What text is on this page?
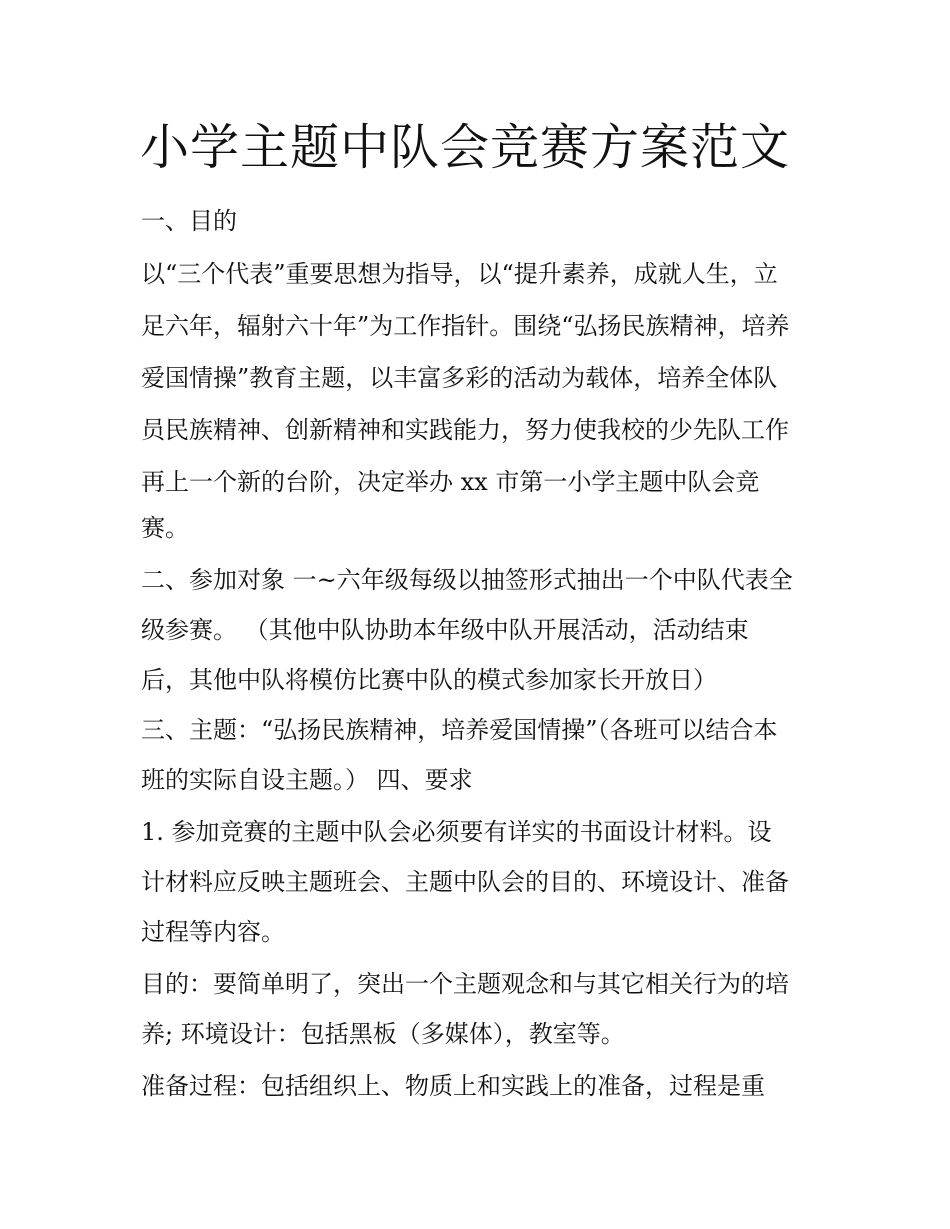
小学主题中队会竞赛方案范文
一、目的
以“三个代表”重要思想为指导，以“提升素养，成就人生，立
足六年，辐射六十年”为工作指针。围绕“弘扬民族精神，培养
爱国情操”教育主题，以丰富多彩的活动为载体，培养全体队
员民族精神、创新精神和实践能力，努力使我校的少先队工作
再上一个新的台阶，决定举办 xx 市第一小学主题中队会竞
赛。
二、参加对象 一~六年级每级以抽签形式抽出一个中队代表全
级参赛。 （其他中队协助本年级中队开展活动，活动结束
后，其他中队将模仿比赛中队的模式参加家长开放日）
三、主题：“弘扬民族精神，培养爱国情操”（各班可以结合本
班的实际自设主题。） 四、要求
1. 参加竞赛的主题中队会必须要有详实的书面设计材料。设
计材料应反映主题班会、主题中队会的目的、环境设计、准备
过程等内容。
目的：要简单明了，突出一个主题观念和与其它相关行为的培
养; 环境设计：包括黑板（多媒体），教室等。
准备过程：包括组织上、物质上和实践上的准备，过程是重
